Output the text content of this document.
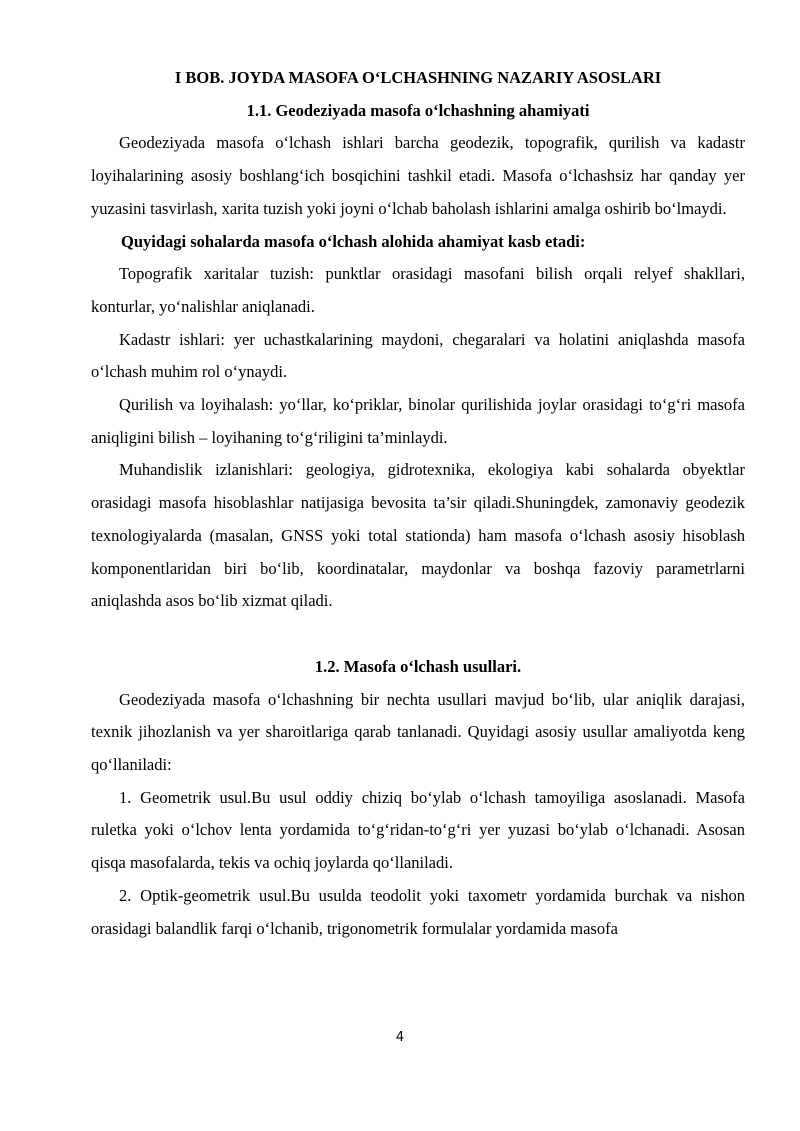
I BOB. JOYDA MASOFA O‘LCHASHNING NAZARIY ASOSLARI

1.1. Geodeziyada masofa o‘lchashning ahamiyati

Geodeziyada masofa o‘lchash ishlari barcha geodezik, topografik, qurilish va kadastr loyihalarining asosiy boshlang‘ich bosqichini tashkil etadi. Masofa o‘lchashsiz har qanday yer yuzasini tasvirlash, xarita tuzish yoki joyni o‘lchab baholash ishlarini amalga oshirib bo‘lmaydi.

Quyidagi sohalarda masofa o‘lchash alohida ahamiyat kasb etadi:

Topografik xaritalar tuzish: punktlar orasidagi masofani bilish orqali relyef shakllari, konturlar, yo‘nalishlar aniqlanadi.

Kadastr ishlari: yer uchastkalarining maydoni, chegaralari va holatini aniqlashda masofa o‘lchash muhim rol o‘ynaydi.

Qurilish va loyihalash: yo‘llar, ko‘priklar, binolar qurilishida joylar orasidagi to‘g‘ri masofa aniqligini bilish – loyihaning to‘g‘riligini ta’minlaydi.

Muhandislik izlanishlari: geologiya, gidrotexnika, ekologiya kabi sohalarda obyektlar orasidagi masofa hisoblashlar natijasiga bevosita ta’sir qiladi.Shuningdek, zamonaviy geodezik texnologiyalarda (masalan, GNSS yoki total stationda) ham masofa o‘lchash asosiy hisoblash komponentlaridan biri bo‘lib, koordinatalar, maydonlar va boshqa fazoviy parametrlarni aniqlashda asos bo‘lib xizmat qiladi.

1.2. Masofa o‘lchash usullari.

Geodeziyada masofa o‘lchashning bir nechta usullari mavjud bo‘lib, ular aniqlik darajasi, texnik jihozlanish va yer sharoitlariga qarab tanlanadi. Quyidagi asosiy usullar amaliyotda keng qo‘llaniladi:

1. Geometrik usul.Bu usul oddiy chiziq bo‘ylab o‘lchash tamoyiliga asoslanadi. Masofa ruletka yoki o‘lchov lenta yordamida to‘g‘ridan-to‘g‘ri yer yuzasi bo‘ylab o‘lchanadi. Asosan qisqa masofalarda, tekis va ochiq joylarda qo‘llaniladi.

2. Optik-geometrik usul.Bu usulda teodolit yoki taxometr yordamida burchak va nishon orasidagi balandlik farqi o‘lchanib, trigonometrik formulalar yordamida masofa

4
